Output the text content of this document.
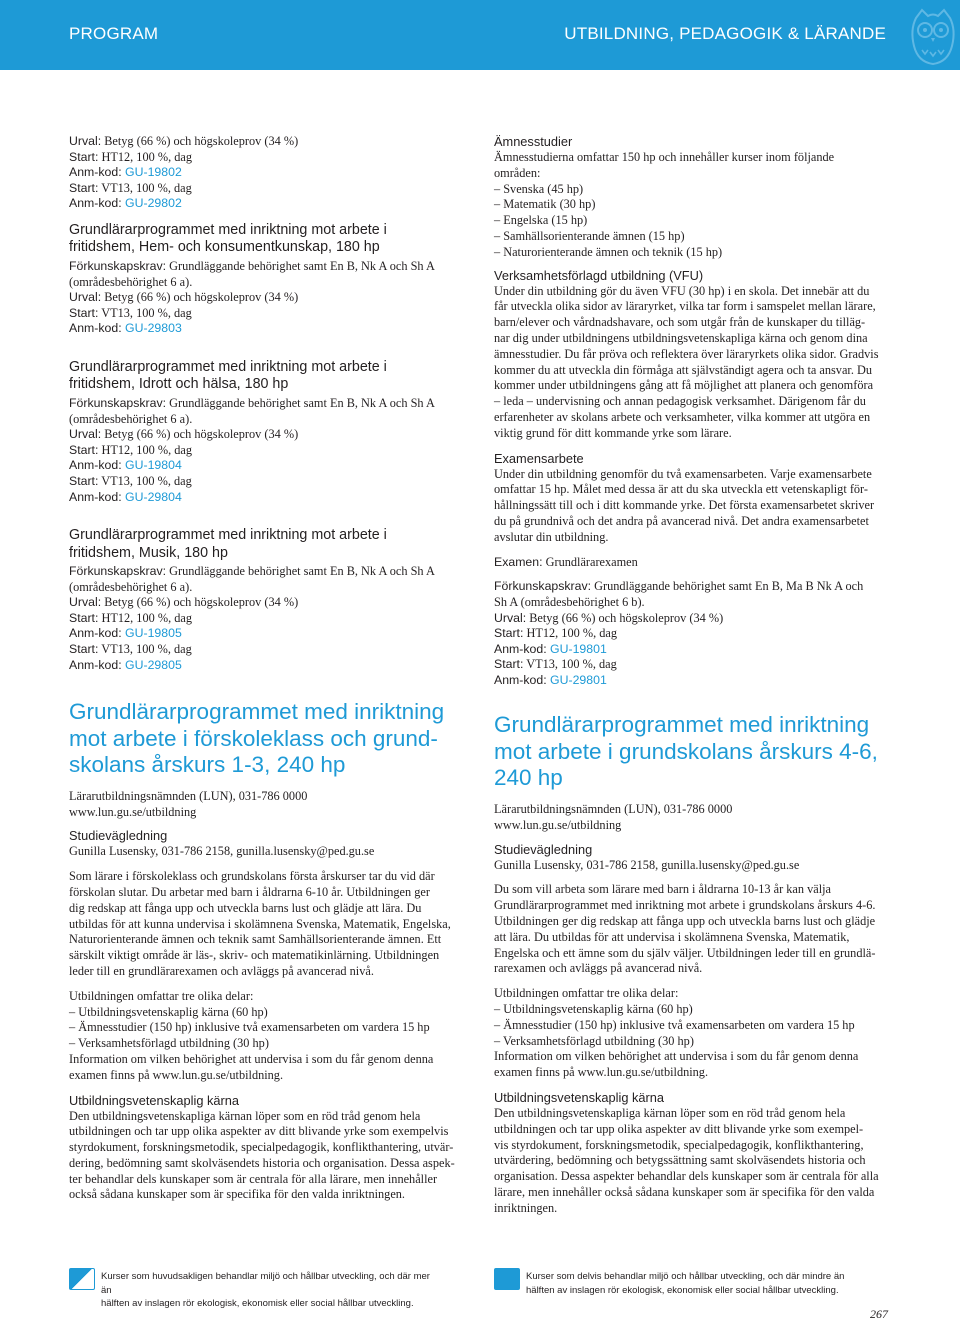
PROGRAM	UTBILDNING, PEDAGOGIK & LÄRANDE
Urval: Betyg (66 %) och högskoleprov (34 %)
Start: HT12, 100 %, dag
Anm-kod: GU-19802
Start: VT13, 100 %, dag
Anm-kod: GU-29802
Grundlärarprogrammet med inriktning mot arbete i
fritidshem, Hem- och konsumentkunskap, 180 hp
Förkunskapskrav: Grundläggande behörighet samt En B, Nk A och Sh A
(områdesbehörighet 6 a).
Urval: Betyg (66 %) och högskoleprov (34 %)
Start: VT13, 100 %, dag
Anm-kod: GU-29803
Grundlärarprogrammet med inriktning mot arbete i
fritidshem, Idrott och hälsa, 180 hp
Förkunskapskrav: Grundläggande behörighet samt En B, Nk A och Sh A
(områdesbehörighet 6 a).
Urval: Betyg (66 %) och högskoleprov (34 %)
Start: HT12, 100 %, dag
Anm-kod: GU-19804
Start: VT13, 100 %, dag
Anm-kod: GU-29804
Grundlärarprogrammet med inriktning mot arbete i
fritidshem, Musik, 180 hp
Förkunskapskrav: Grundläggande behörighet samt En B, Nk A och Sh A
(områdesbehörighet 6 a).
Urval: Betyg (66 %) och högskoleprov (34 %)
Start: HT12, 100 %, dag
Anm-kod: GU-19805
Start: VT13, 100 %, dag
Anm-kod: GU-29805
Grundlärarprogrammet med inriktning
mot arbete i förskoleklass och grund-
skolans årskurs 1-3, 240 hp
Lärarutbildningsnämnden (LUN), 031-786 0000
www.lun.gu.se/utbildning
Studievägledning
Gunilla Lusensky, 031-786 2158, gunilla.lusensky@ped.gu.se
Som lärare i förskoleklass och grundskolans första årskurser tar du vid där
förskolan slutar. Du arbetar med barn i åldrarna 6-10 år. Utbildningen ger
dig redskap att fånga upp och utveckla barns lust och glädje att lära. Du
utbildas för att kunna undervisa i skolämnena Svenska, Matematik, Engelska,
Naturorienterande ämnen och teknik samt Samhällsorienterande ämnen. Ett
särskilt viktigt område är läs-, skriv- och matematikinlärning. Utbildningen
leder till en grundlärarexamen och avläggs på avancerad nivå.
Utbildningen omfattar tre olika delar:
– Utbildningsvetenskaplig kärna (60 hp)
– Ämnesstudier (150 hp) inklusive två examensarbeten om vardera 15 hp
– Verksamhetsförlagd utbildning (30 hp)
Information om vilken behörighet att undervisa i som du får genom denna
examen finns på www.lun.gu.se/utbildning.
Utbildningsvetenskaplig kärna
Den utbildningsvetenskapliga kärnan löper som en röd tråd genom hela
utbildningen och tar upp olika aspekter av ditt blivande yrke som exempelvis
styrdokument, forskningsmetodik, specialpedagogik, konflikthantering, utvär-
dering, bedömning samt skolväsendets historia och organisation. Dessa aspek-
ter behandlar dels kunskaper som är centrala för alla lärare, men innehåller
också sådana kunskaper som är specifika för den valda inriktningen.
Ämnesstudier
Ämnesstudierna omfattar 150 hp och innehåller kurser inom följande
områden:
– Svenska (45 hp)
– Matematik (30 hp)
– Engelska (15 hp)
– Samhällsorienterande ämnen (15 hp)
– Naturorienterande ämnen och teknik (15 hp)
Verksamhetsförlagd utbildning (VFU)
Under din utbildning gör du även VFU (30 hp) i en skola. Det innebär att du
får utveckla olika sidor av läraryrket, vilka tar form i samspelet mellan lärare,
barn/elever och vårdnadshavare, och som utgår från de kunskaper du tilläg-
nar dig under utbildningens utbildningsvetenskapliga kärna och genom dina
ämnesstudier. Du får pröva och reflektera över läraryrkets olika sidor. Gradvis
kommer du att utveckla din förmåga att självständigt agera och ta ansvar. Du
kommer under utbildningens gång att få möjlighet att planera och genomföra
– leda – undervisning och annan pedagogisk verksamhet. Därigenom får du
erfarenheter av skolans arbete och verksamheter, vilka kommer att utgöra en
viktig grund för ditt kommande yrke som lärare.
Examensarbete
Under din utbildning genomför du två examensarbeten. Varje examensarbete
omfattar 15 hp. Målet med dessa är att du ska utveckla ett vetenskapligt för-
hållningssätt till och i ditt kommande yrke. Det första examensarbetet skriver
du på grundnivå och det andra på avancerad nivå. Det andra examensarbetet
avslutar din utbildning.
Examen: Grundlärarexamen
Förkunskapskrav: Grundläggande behörighet samt En B, Ma B Nk A och
Sh A (områdesbehörighet 6 b).
Urval: Betyg (66 %) och högskoleprov (34 %)
Start: HT12, 100 %, dag
Anm-kod: GU-19801
Start: VT13, 100 %, dag
Anm-kod: GU-29801
Grundlärarprogrammet med inriktning
mot arbete i grundskolans årskurs 4-6,
240 hp
Lärarutbildningsnämnden (LUN), 031-786 0000
www.lun.gu.se/utbildning
Studievägledning
Gunilla Lusensky, 031-786 2158, gunilla.lusensky@ped.gu.se
Du som vill arbeta som lärare med barn i åldrarna 10-13 år kan välja
Grundlärarprogrammet med inriktning mot arbete i grundskolans årskurs 4-6.
Utbildningen ger dig redskap att fånga upp och utveckla barns lust och glädje
att lära. Du utbildas för att undervisa i skolämnena Svenska, Matematik,
Engelska och ett ämne som du själv väljer. Utbildningen leder till en grundlä-
rarexamen och avläggs på avancerad nivå.
Utbildningen omfattar tre olika delar:
– Utbildningsvetenskaplig kärna (60 hp)
– Ämnesstudier (150 hp) inklusive två examensarbeten om vardera 15 hp
– Verksamhetsförlagd utbildning (30 hp)
Information om vilken behörighet att undervisa i som du får genom denna
examen finns på www.lun.gu.se/utbildning.
Utbildningsvetenskaplig kärna
Den utbildningsvetenskapliga kärnan löper som en röd tråd genom hela
utbildningen och tar upp olika aspekter av ditt blivande yrke som exempel-
vis styrdokument, forskningsmetodik, specialpedagogik, konflikthantering,
utvärdering, bedömning och betygssättning samt skolväsendets historia och
organisation. Dessa aspekter behandlar dels kunskaper som är centrala för alla
lärare, men innehåller också sådana kunskaper som är specifika för den valda
inriktningen.
Kurser som huvudsakligen behandlar miljö och hållbar utveckling, och där mer än
hälften av inslagen rör ekologisk, ekonomisk eller social hållbar utveckling.
Kurser som delvis behandlar miljö och hållbar utveckling, och där mindre än
hälften av inslagen rör ekologisk, ekonomisk eller social hållbar utveckling.
267
